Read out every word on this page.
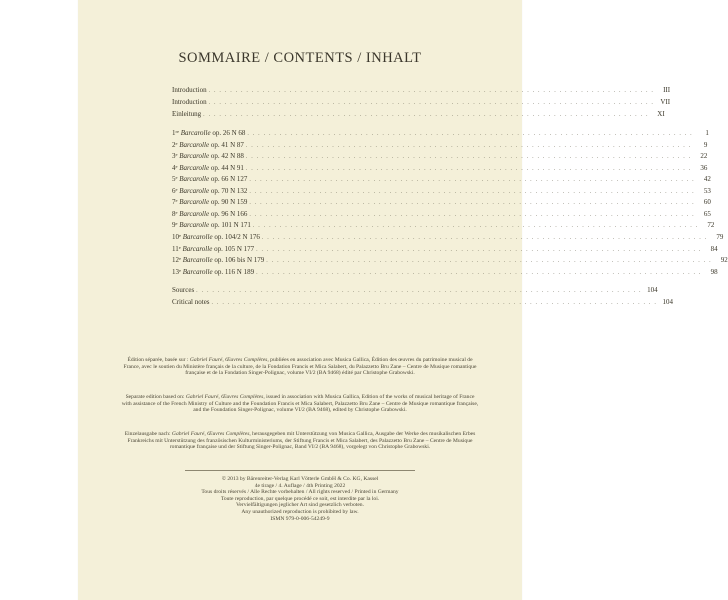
SOMMAIRE / CONTENTS / INHALT
Introduction . . . . . . . . . . . . . . . . . . . . . . . . . . . . . . . . . . . . . . . . . . . . . . . . . . . . . . . . . . . . . . . . . . . . . . . . . . . . . . . . . . .	III
Introduction . . . . . . . . . . . . . . . . . . . . . . . . . . . . . . . . . . . . . . . . . . . . . . . . . . . . . . . . . . . . . . . . . . . . . . . . . . . . . . . . . . . VII
Einleitung . . . . . . . . . . . . . . . . . . . . . . . . . . . . . . . . . . . . . . . . . . . . . . . . . . . . . . . . . . . . . . . . . . . . . . . . . . . . . . . . . . .	XI
1re Barcarolle op. 26 N 68 . . . . . . . . . . . . . . . . . . . . . . . . . . . . . . . . . . . . . . . . . . . . . . . . . . . . . . . . . . . . . . . . . . . . . . . . . . . . . . . . . . .	1
2e Barcarolle op. 41 N 87 . . . . . . . . . . . . . . . . . . . . . . . . . . . . . . . . . . . . . . . . . . . . . . . . . . . . . . . . . . . . . . . . . . . . . . . . . . . . . . . . . . .	9
3e Barcarolle op. 42 N 88 . . . . . . . . . . . . . . . . . . . . . . . . . . . . . . . . . . . . . . . . . . . . . . . . . . . . . . . . . . . . . . . . . . . . . . . . . . . . . . . . . . .	22
4e Barcarolle op. 44 N 91 . . . . . . . . . . . . . . . . . . . . . . . . . . . . . . . . . . . . . . . . . . . . . . . . . . . . . . . . . . . . . . . . . . . . . . . . . . . . . . . . . . .	36
5e Barcarolle op. 66 N 127 . . . . . . . . . . . . . . . . . . . . . . . . . . . . . . . . . . . . . . . . . . . . . . . . . . . . . . . . . . . . . . . . . . . . . . . . . . . . . . . . . . .	42
6e Barcarolle op. 70 N 132 . . . . . . . . . . . . . . . . . . . . . . . . . . . . . . . . . . . . . . . . . . . . . . . . . . . . . . . . . . . . . . . . . . . . . . . . . . . . . . . . . . .	53
7e Barcarolle op. 90 N 159 . . . . . . . . . . . . . . . . . . . . . . . . . . . . . . . . . . . . . . . . . . . . . . . . . . . . . . . . . . . . . . . . . . . . . . . . . . . . . . . . . . .	60
8e Barcarolle op. 96 N 166 . . . . . . . . . . . . . . . . . . . . . . . . . . . . . . . . . . . . . . . . . . . . . . . . . . . . . . . . . . . . . . . . . . . . . . . . . . . . . . . . . . .	65
9e Barcarolle op. 101 N 171 . . . . . . . . . . . . . . . . . . . . . . . . . . . . . . . . . . . . . . . . . . . . . . . . . . . . . . . . . . . . . . . . . . . . . . . . . . . . . . . . . . .	72
10e Barcarolle op. 104/2 N 176 . . . . . . . . . . . . . . . . . . . . . . . . . . . . . . . . . . . . . . . . . . . . . . . . . . . . . . . . . . . . . . . . . . . . . . . . . . . . . . . . . . .	79
11e Barcarolle op. 105 N 177 . . . . . . . . . . . . . . . . . . . . . . . . . . . . . . . . . . . . . . . . . . . . . . . . . . . . . . . . . . . . . . . . . . . . . . . . . . . . . . . . . . .	84
12e Barcarolle op. 106 bis N 179 . . . . . . . . . . . . . . . . . . . . . . . . . . . . . . . . . . . . . . . . . . . . . . . . . . . . . . . . . . . . . . . . . . . . . . . . . . . . . . . . . . .	92
13e Barcarolle op. 116 N 189 . . . . . . . . . . . . . . . . . . . . . . . . . . . . . . . . . . . . . . . . . . . . . . . . . . . . . . . . . . . . . . . . . . . . . . . . . . . . . . . . . . .	98
Sources . . . . . . . . . . . . . . . . . . . . . . . . . . . . . . . . . . . . . . . . . . . . . . . . . . . . . . . . . . . . . . . . . . . . . . . . . . . . . . . . . . . 104
Critical notes . . . . . . . . . . . . . . . . . . . . . . . . . . . . . . . . . . . . . . . . . . . . . . . . . . . . . . . . . . . . . . . . . . . . . . . . . . . . . . . . . . . 104

Édition séparée, basée sur : Gabriel Fauré, Œuvres Complètes, publiées en association avec Musica Gallica, Édition des œuvres du patrimoine musical de France, avec le soutien du Ministère français de la culture, de la Fondation Francis et Mica Salabert, du Palazzetto Bru Zane – Centre de Musique romantique française et de la Fondation Singer-Polignac, volume VI/2 (BA 9468) édité par Christophe Grabowski.

Separate edition based on: Gabriel Fauré, Œuvres Complètes, issued in association with Musica Gallica, Edition of the works of musical heritage of France with assistance of the French Ministry of Culture and the Foundation Francis et Mica Salabert, Palazzetto Bru Zane – Centre de Musique romantique française, and the Foundation Singer-Polignac, volume VI/2 (BA 9468), edited by Christophe Grabowski.

Einzelausgabe nach: Gabriel Fauré, Œuvres Complètes, herausgegeben mit Unterstützung von Musica Gallica, Ausgabe der Werke des musikalischen Erbes Frankreichs mit Unterstützung des französischen Kulturministeriums, der Stiftung Francis et Mica Salabert, des Palazzetto Bru Zane – Centre de Musique romantique française und der Stiftung Singer-Polignac, Band VI/2 (BA 9468), vorgelegt von Christophe Grabowski.

© 2013 by Bärenreiter-Verlag Karl Vötterle GmbH & Co. KG, Kassel

4e tirage / 4. Auflage / 4th Printing 2022

Tous droits réservés / Alle Rechte vorbehalten / All rights reserved / Printed in Germany

Toute reproduction, par quelque procédé ce soit, est interdite par la loi.

Vervielfältigungen jeglicher Art sind gesetzlich verboten.

Any unauthorized reproduction is prohibited by law.

ISMN 979-0-006-54249-9
